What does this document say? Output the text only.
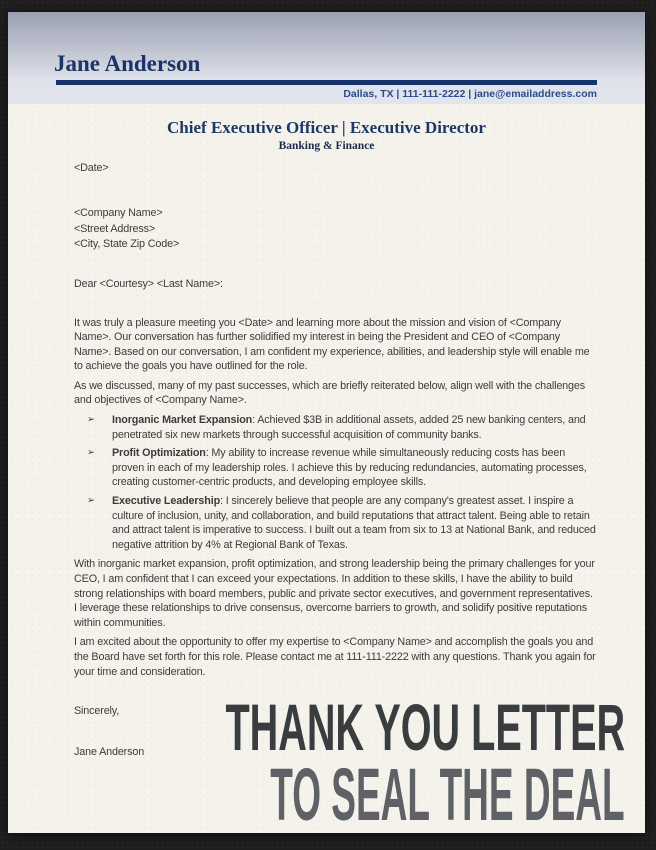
Jane Anderson
Dallas, TX | 111-111-2222 | jane@emailaddress.com
Chief Executive Officer | Executive Director
Banking & Finance
<Date>
<Company Name>
<Street Address>
<City, State Zip Code>
Dear <Courtesy> <Last Name>:

It was truly a pleasure meeting you <Date> and learning more about the mission and vision of <Company Name>. Our conversation has further solidified my interest in being the President and CEO of <Company Name>. Based on our conversation, I am confident my experience, abilities, and leadership style will enable me to achieve the goals you have outlined for the role.

As we discussed, many of my past successes, which are briefly reiterated below, align well with the challenges and objectives of <Company Name>.

➢	Inorganic Market Expansion: Achieved $3B in additional assets, added 25 new banking centers, and penetrated six new markets through successful acquisition of community banks.
➢	Profit Optimization: My ability to increase revenue while simultaneously reducing costs has been proven in each of my leadership roles. I achieve this by reducing redundancies, automating processes, creating customer-centric products, and developing employee skills.
➢	Executive Leadership: I sincerely believe that people are any company's greatest asset. I inspire a culture of inclusion, unity, and collaboration, and build reputations that attract talent. Being able to retain and attract talent is imperative to success. I built out a team from six to 13 at National Bank, and reduced negative attrition by 4% at Regional Bank of Texas.

With inorganic market expansion, profit optimization, and strong leadership being the primary challenges for your CEO, I am confident that I can exceed your expectations. In addition to these skills, I have the ability to build strong relationships with board members, public and private sector executives, and government representatives. I leverage these relationships to drive consensus, overcome barriers to growth, and solidify positive reputations within communities.

I am excited about the opportunity to offer my expertise to <Company Name> and accomplish the goals you and the Board have set forth for this role. Please contact me at 111-111-2222 with any questions. Thank you again for your time and consideration.

Sincerely,
Jane Anderson	THANK YOU LETTER
TO SEAL THE DEAL
